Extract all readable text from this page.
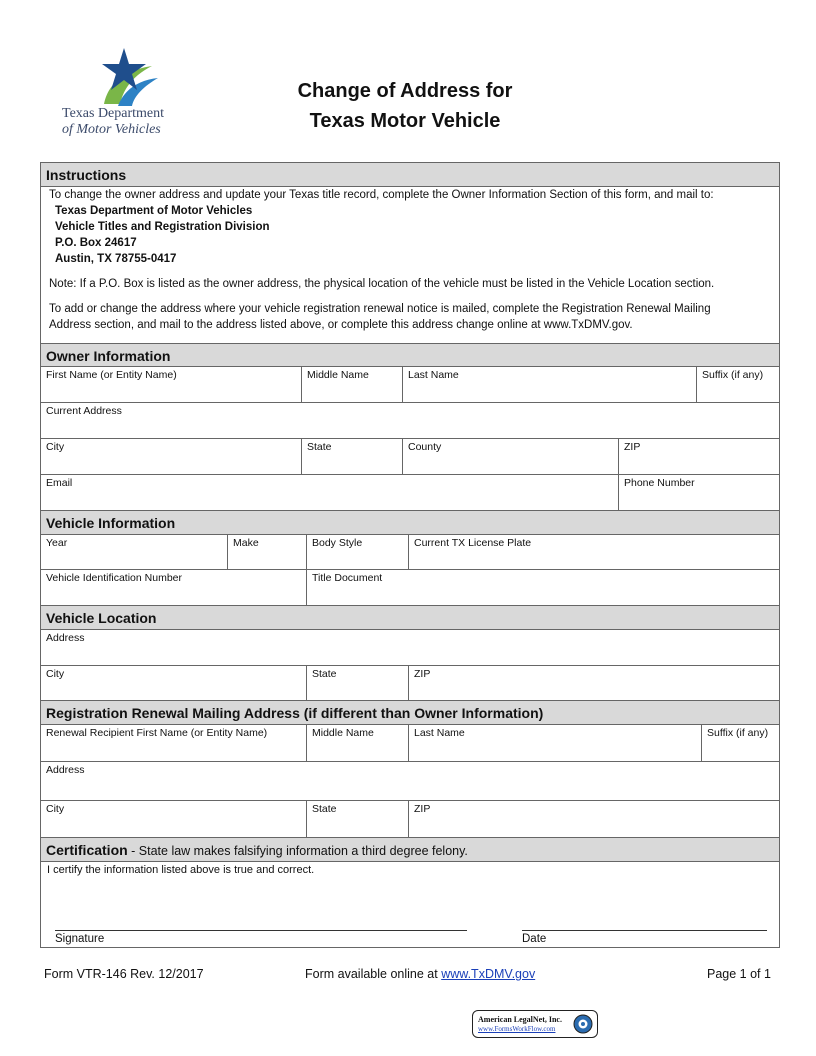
Texas Department
of Motor Vehicles
Change of Address for
Texas Motor Vehicle
Instructions
To change the owner address and update your Texas title record, complete the Owner Information Section of this form, and mail to:
Texas Department of Motor Vehicles
Vehicle Titles and Registration Division
P.O. Box 24617
Austin, TX 78755-0417
Note: If a P.O. Box is listed as the owner address, the physical location of the vehicle must be listed in the Vehicle Location section.
To add or change the address where your vehicle registration renewal notice is mailed, complete the Registration Renewal Mailing
Address section, and mail to the address listed above, or complete this address change online at www.TxDMV.gov.
Owner Information
First Name (or Entity Name)	Middle Name	Last Name	Suffix (if any)
Current Address
City	State	County	ZIP
Email	Phone Number
Vehicle Information
Year	Make	Body Style	Current TX License Plate
Vehicle Identification Number	Title Document
Vehicle Location
Address
City	State	ZIP
Registration Renewal Mailing Address (if different than Owner Information)
Renewal Recipient First Name (or Entity Name)	Middle Name	Last Name	Suffix (if any)
Address
City	State	ZIP
Certification - State law makes falsifying information a third degree felony.
I certify the information listed above is true and correct.
Signature	Date
Form VTR-146 Rev. 12/2017	Form available online at www.TxDMV.gov	Page 1 of 1
American LegalNet, Inc.
www.FormsWorkFlow.com
